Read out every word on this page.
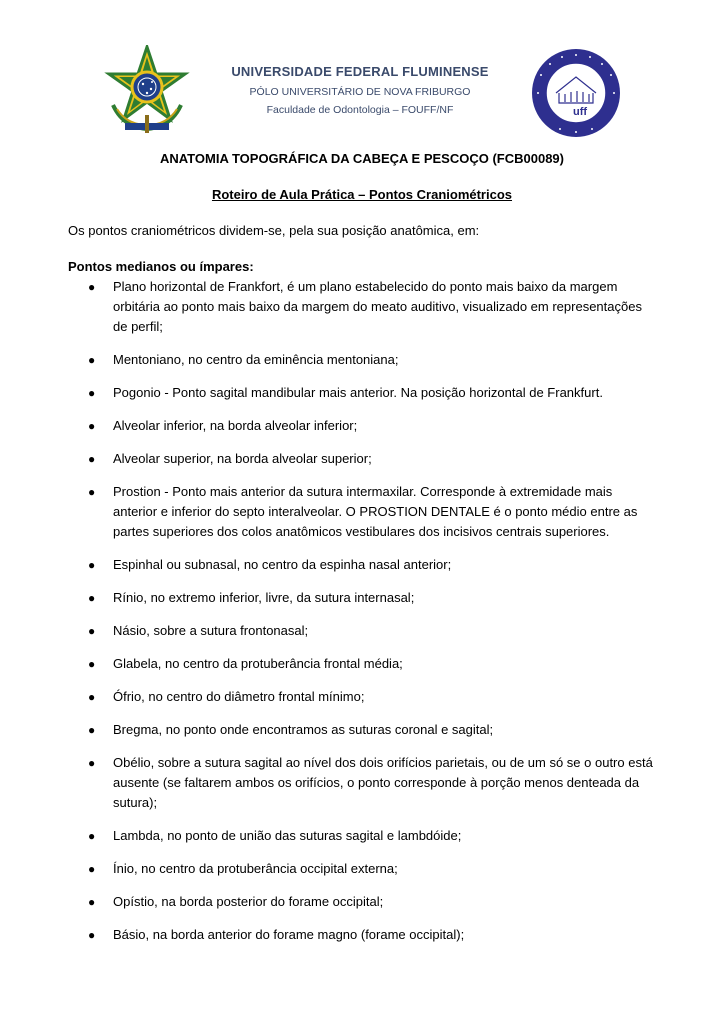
UNIVERSIDADE FEDERAL FLUMINENSE
PÓLO UNIVERSITÁRIO DE NOVA FRIBURGO
Faculdade de Odontologia – FOUFF/NF	uff
ANATOMIA TOPOGRÁFICA DA CABEÇA E PESCOÇO (FCB00089)
Roteiro de Aula Prática – Pontos Craniométricos
Os pontos craniométricos dividem-se, pela sua posição anatômica, em:
Pontos medianos ou ímpares:
● Plano horizontal de Frankfort, é um plano estabelecido do ponto mais baixo da margem orbitária ao ponto mais baixo da margem do meato auditivo, visualizado em representações de perfil;
● Mentoniano, no centro da eminência mentoniana;
● Pogonio - Ponto sagital mandibular mais anterior. Na posição horizontal de Frankfurt.
● Alveolar inferior, na borda alveolar inferior;
● Alveolar superior, na borda alveolar superior;
● Prostion - Ponto mais anterior da sutura intermaxilar. Corresponde à extremidade mais anterior e inferior do septo interalveolar. O PROSTION DENTALE é o ponto médio entre as partes superiores dos colos anatômicos vestibulares dos incisivos centrais superiores.
● Espinhal ou subnasal, no centro da espinha nasal anterior;
● Rínio, no extremo inferior, livre, da sutura internasal;
● Násio, sobre a sutura frontonasal;
● Glabela, no centro da protuberância frontal média;
● Ófrio, no centro do diâmetro frontal mínimo;
● Bregma, no ponto onde encontramos as suturas coronal e sagital;
● Obélio, sobre a sutura sagital ao nível dos dois orifícios parietais, ou de um só se o outro está ausente (se faltarem ambos os orifícios, o ponto corresponde à porção menos denteada da sutura);
● Lambda, no ponto de união das suturas sagital e lambdóide;
● Ínio, no centro da protuberância occipital externa;
● Opístio, na borda posterior do forame occipital;
● Básio, na borda anterior do forame magno (forame occipital);
